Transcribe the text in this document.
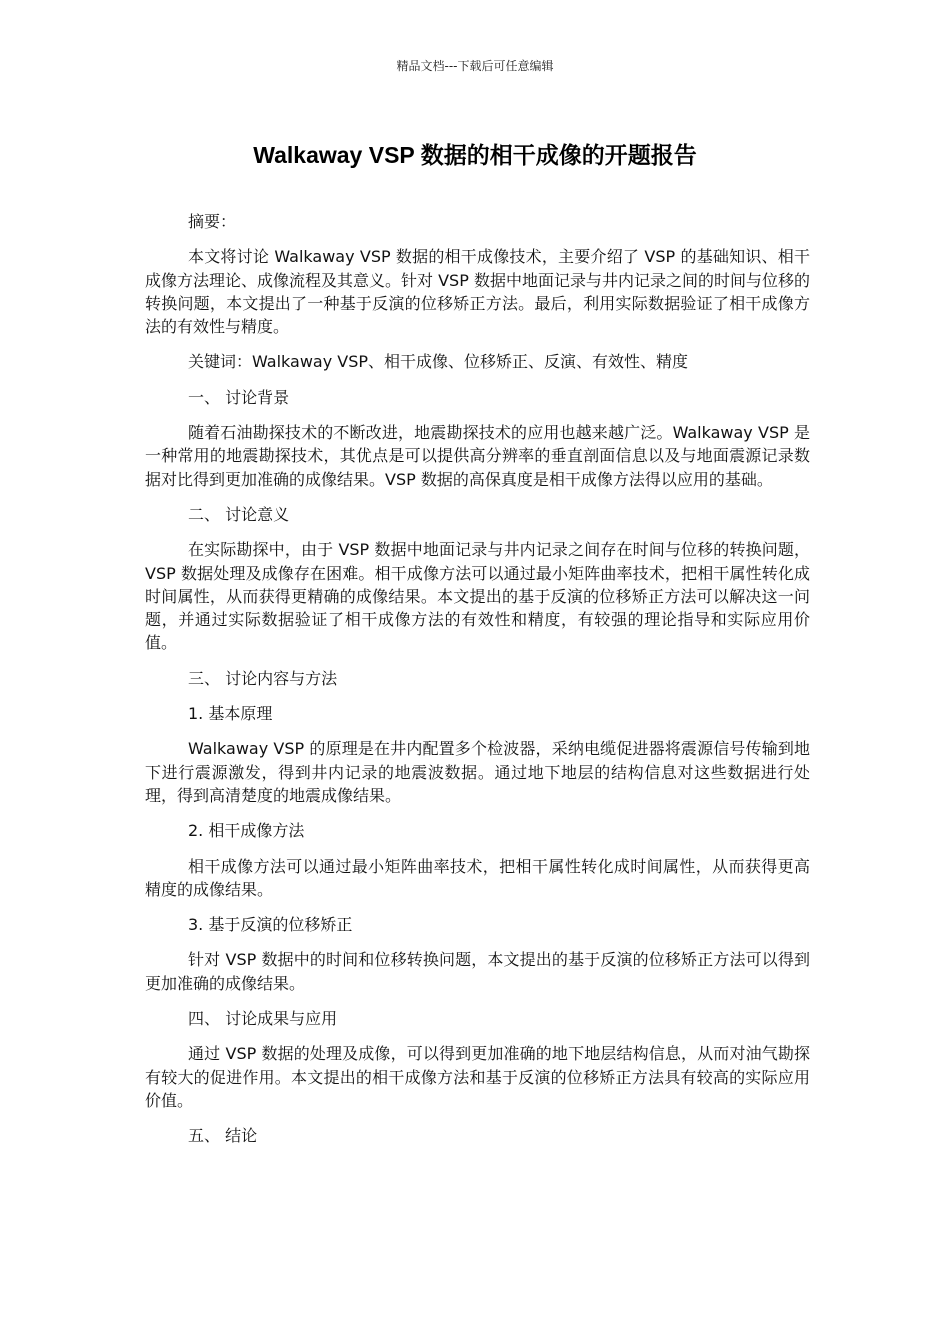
精品文档---下载后可任意编辑
Walkaway VSP 数据的相干成像的开题报告

摘要：

本文将讨论 Walkaway VSP 数据的相干成像技术，主要介绍了 VSP 的基础知识、相干成像方法理论、成像流程及其意义。针对 VSP 数据中地面记录与井内记录之间的时间与位移的转换问题，本文提出了一种基于反演的位移矫正方法。最后，利用实际数据验证了相干成像方法的有效性与精度。

关键词：Walkaway VSP、相干成像、位移矫正、反演、有效性、精度

一、 讨论背景

随着石油勘探技术的不断改进，地震勘探技术的应用也越来越广泛。Walkaway VSP 是一种常用的地震勘探技术，其优点是可以提供高分辨率的垂直剖面信息以及与地面震源记录数据对比得到更加准确的成像结果。VSP 数据的高保真度是相干成像方法得以应用的基础。

二、 讨论意义

在实际勘探中，由于 VSP 数据中地面记录与井内记录之间存在时间与位移的转换问题，VSP 数据处理及成像存在困难。相干成像方法可以通过最小矩阵曲率技术，把相干属性转化成时间属性，从而获得更精确的成像结果。本文提出的基于反演的位移矫正方法可以解决这一问题，并通过实际数据验证了相干成像方法的有效性和精度，有较强的理论指导和实际应用价值。

三、 讨论内容与方法

1. 基本原理

Walkaway VSP 的原理是在井内配置多个检波器，采纳电缆促进器将震源信号传输到地下进行震源激发，得到井内记录的地震波数据。通过地下地层的结构信息对这些数据进行处理，得到高清楚度的地震成像结果。

2. 相干成像方法

相干成像方法可以通过最小矩阵曲率技术，把相干属性转化成时间属性，从而获得更高精度的成像结果。

3. 基于反演的位移矫正

针对 VSP 数据中的时间和位移转换问题，本文提出的基于反演的位移矫正方法可以得到更加准确的成像结果。

四、 讨论成果与应用

通过 VSP 数据的处理及成像，可以得到更加准确的地下地层结构信息，从而对油气勘探有较大的促进作用。本文提出的相干成像方法和基于反演的位移矫正方法具有较高的实际应用价值。

五、 结论
